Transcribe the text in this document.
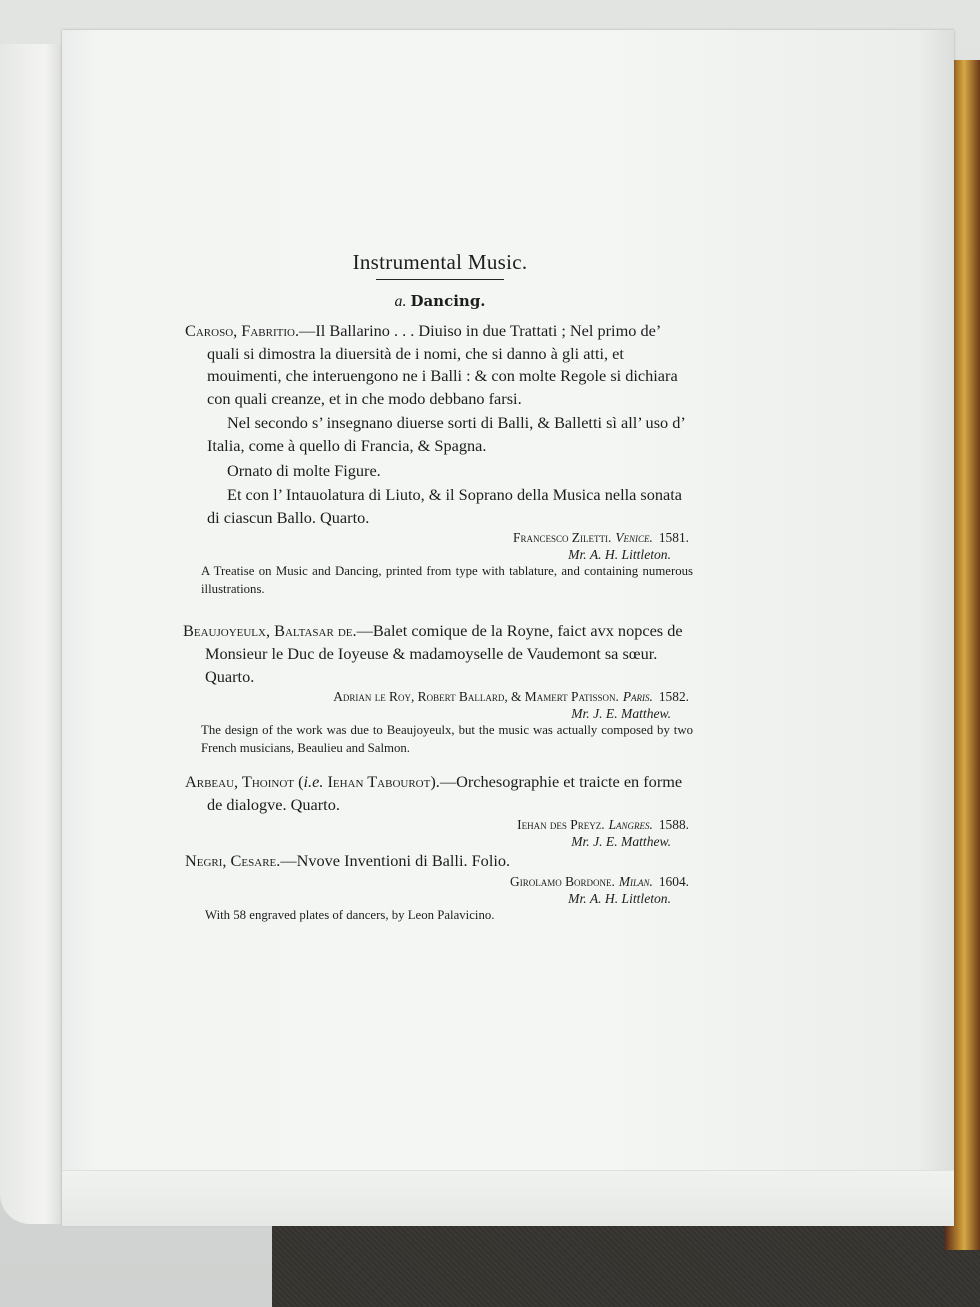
Instrumental Music.
a. Dancing.

Caroso, Fabritio.—Il Ballarino . . . Diuiso in due Trattati ; Nel primo de’ quali si dimostra la diuersità de i nomi, che si danno à gli atti, et mouimenti, che interuengono ne i Balli : & con molte Regole si dichiara con quali creanze, et in che modo debbano farsi.

Nel secondo s’ insegnano diuerse sorti di Balli, & Balletti sì all’ uso d’ Italia, come à quello di Francia, & Spagna.

Ornato di molte Figure.

Et con l’ Intauolatura di Liuto, & il Soprano della Musica nella sonata di ciascun Ballo. Quarto.

Francesco Ziletti. Venice. 1581.
Mr. A. H. Littleton.
A Treatise on Music and Dancing, printed from type with tablature, and containing numerous illustrations.

Beaujoyeulx, Baltasar de.—Balet comique de la Royne, faict avx nopces de Monsieur le Duc de Ioyeuse & madamoyselle de Vaudemont sa sœur. Quarto.

Adrian le Roy, Robert Ballard, & Mamert Patisson. Paris. 1582.
Mr. J. E. Matthew.
The design of the work was due to Beaujoyeulx, but the music was actually composed by two French musicians, Beaulieu and Salmon.

Arbeau, Thoinot (i.e. Iehan Tabourot).—Orchesographie et traicte en forme de dialogve. Quarto.

Iehan des Preyz. Langres. 1588.
Mr. J. E. Matthew.

Negri, Cesare.—Nvove Inventioni di Balli. Folio.

Girolamo Bordone. Milan. 1604.
Mr. A. H. Littleton.
With 58 engraved plates of dancers, by Leon Palavicino.
